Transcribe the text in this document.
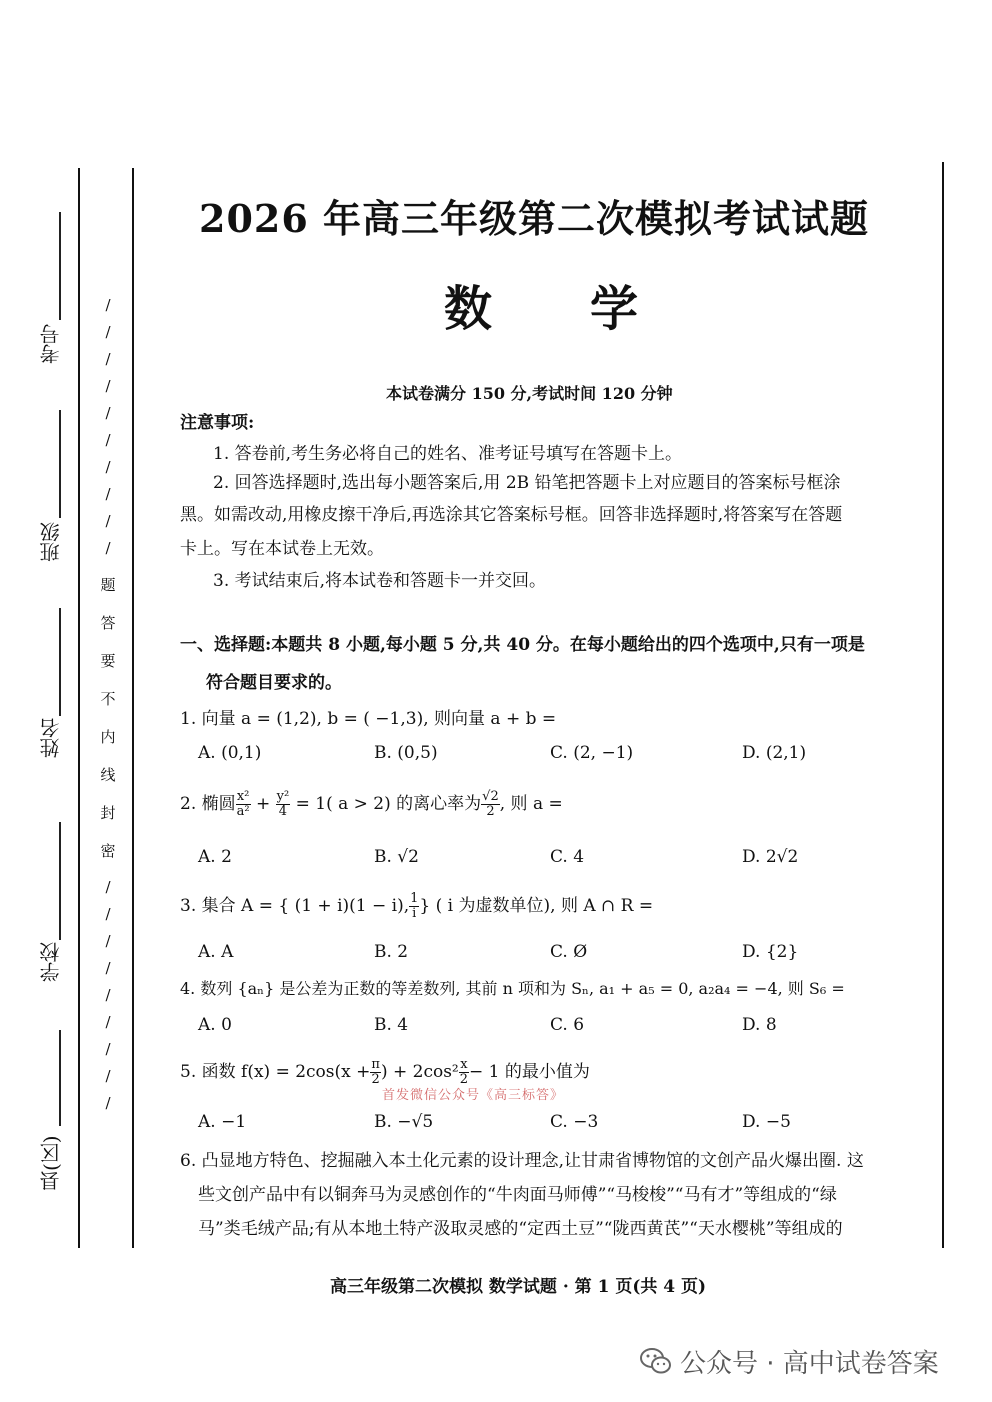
考号
班级
姓名
学校
县(区)
/
/
/
/
/
/
/
/
/
/
题
答
要
不
内
线
封
密
/
/
/
/
/
/
/
/
/
2026 年高三年级第二次模拟考试试题
数 学
本试卷满分 150 分,考试时间 120 分钟
注意事项:
1. 答卷前,考生务必将自己的姓名、准考证号填写在答题卡上。
2. 回答选择题时,选出每小题答案后,用 2B 铅笔把答题卡上对应题目的答案标号框涂
黑。如需改动,用橡皮擦干净后,再选涂其它答案标号框。回答非选择题时,将答案写在答题
卡上。写在本试卷上无效。
3. 考试结束后,将本试卷和答题卡一并交回。
一、选择题:本题共 8 小题,每小题 5 分,共 40 分。在每小题给出的四个选项中,只有一项是
符合题目要求的。
1. 向量 a = (1,2), b = ( −1,3), 则向量 a + b =
A. (0,1)	B. (0,5)	C. (2, −1)	D. (2,1)
2. 椭圆 $\frac{\text{x²}}{\text{a²}} + \frac{\text{y²}}{4} = 1$( a > 2) 的离心率为 $\frac{√2}{2}$ , 则 a =
A. 2	B. √2	C. 4	D. 2√2
3. 集合 A = { (1 + i)(1 − i), $\frac{1}{i}$ } ( i 为虚数单位), 则 A ∩ R =
A. A	B. 2	C. Ø	D. {2}
4. 数列 {aₙ} 是公差为正数的等差数列, 其前 n 项和为 Sₙ, a₁ + a₅ = 0, a₂a₄ = −4, 则 S₆ =
A. 0	B. 4	C. 6	D. 8
5. 函数 $f(x) = 2\cos(x + \frac{\pi}{2}$ ) + $2\cos^2 \frac{x}{2} - 1$ 的最小值为
首发微信公众号《高三标答》
A. −1	B. −√5	C. −3	D. −5
6. 凸显地方特色、挖掘融入本土化元素的设计理念,让甘肃省博物馆的文创产品火爆出圈. 这
些文创产品中有以铜奔马为灵感创作的“牛肉面马师傅”“马梭梭”“马有才”等组成的“绿
马”类毛绒产品;有从本地土特产汲取灵感的“定西土豆”“陇西黄芪”“天水樱桃”等组成的
高三年级第二次模拟 数学试题 · 第 1 页(共 4 页)
公众号 · 高中试卷答案
